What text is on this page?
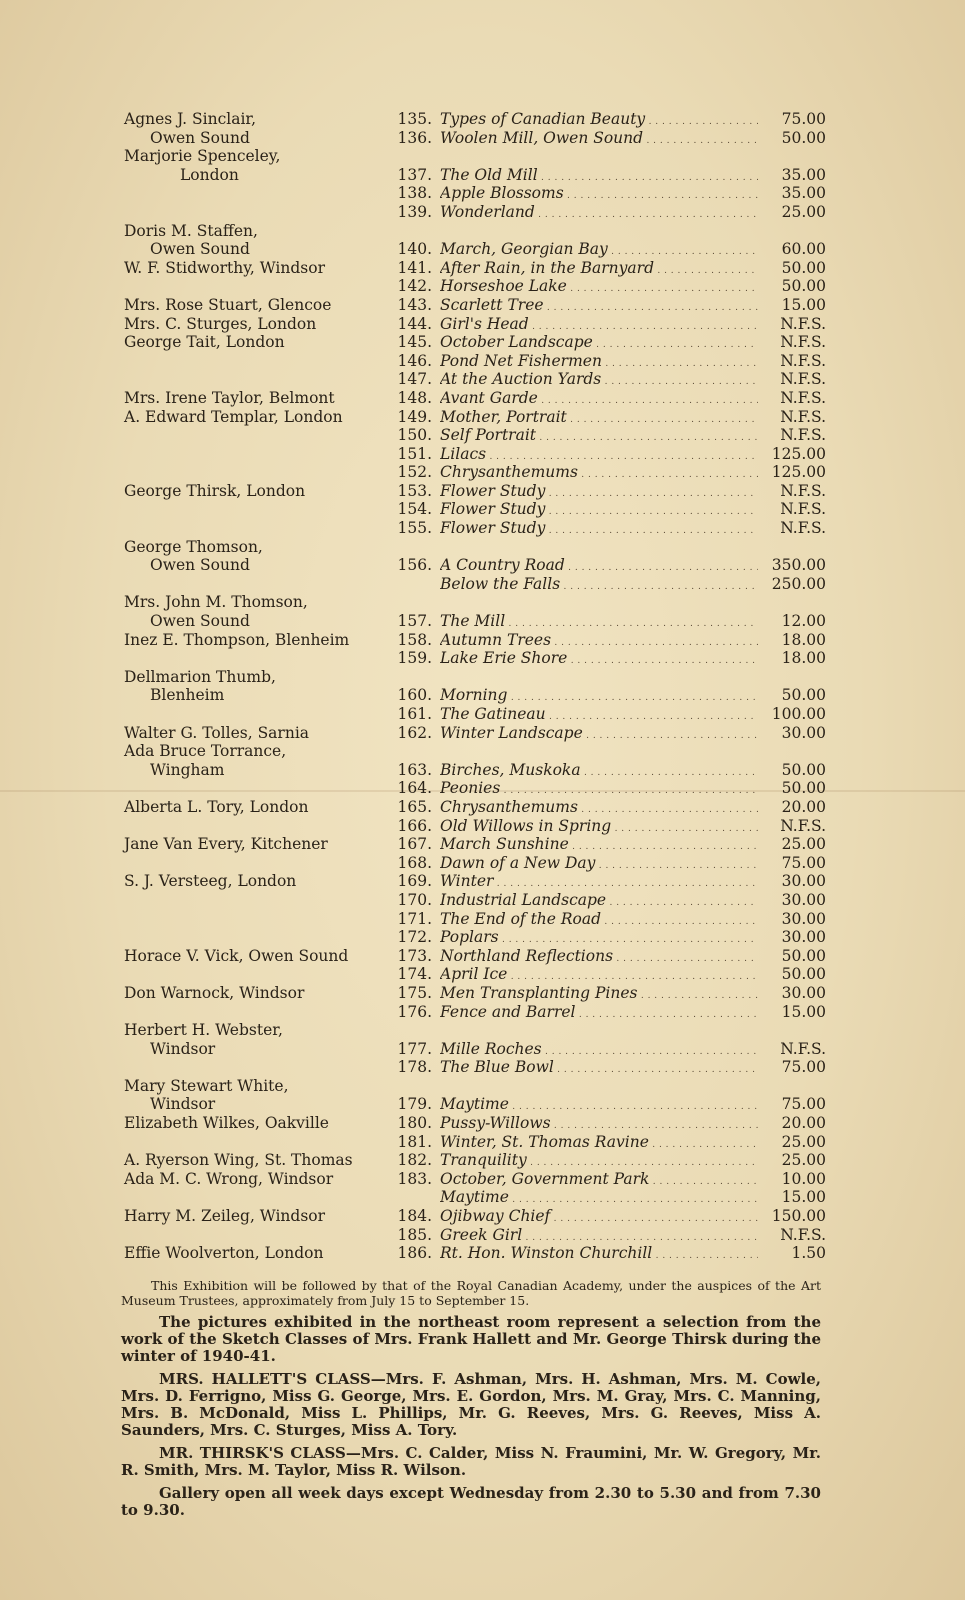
Agnes J. Sinclair,	135. Types of Canadian Beauty . . .	75.00
Owen Sound	136. Woolen Mill, Owen Sound . . .	50.00
Marjorie Spenceley,
London	137. The Old Mill . . .	35.00
138. Apple Blossoms . . .	35.00
139. Wonderland . . .	25.00
Doris M. Staffen,
Owen Sound	140. March, Georgian Bay . . .	60.00
W. F. Stidworthy, Windsor	141. After Rain, in the Barnyard . . .	50.00
142. Horseshoe Lake . . .	50.00
Mrs. Rose Stuart, Glencoe	143. Scarlett Tree . . .	15.00
Mrs. C. Sturges, London	144. Girl's Head . . .	N.F.S.
George Tait, London	145. October Landscape . . .	N.F.S.
146. Pond Net Fishermen . . .	N.F.S.
147. At the Auction Yards . . .	N.F.S.
Mrs. Irene Taylor, Belmont	148. Avant Garde . . .	N.F.S.
A. Edward Templar, London	149. Mother, Portrait . . .	N.F.S.
150. Self Portrait . . .	N.F.S.
151. Lilacs . . .	125.00
152. Chrysanthemums . . .	125.00
George Thirsk, London	153. Flower Study . . .	N.F.S.
154. Flower Study . . .	N.F.S.
155. Flower Study . . .	N.F.S.
George Thomson,
Owen Sound	156. A Country Road . . .	350.00
Below the Falls . . .	250.00
Mrs. John M. Thomson,
Owen Sound	157. The Mill . . .	12.00
Inez E. Thompson, Blenheim	158. Autumn Trees . . .	18.00
159. Lake Erie Shore . . .	18.00
Dellmarion Thumb,
Blenheim	160. Morning . . .	50.00
161. The Gatineau . . .	100.00
Walter G. Tolles, Sarnia	162. Winter Landscape . . .	30.00
Ada Bruce Torrance,
Wingham	163. Birches, Muskoka . . .	50.00
164. Peonies . . .	50.00
Alberta L. Tory, London	165. Chrysanthemums . . .	20.00
166. Old Willows in Spring . . .	N.F.S.
Jane Van Every, Kitchener	167. March Sunshine . . .	25.00
168. Dawn of a New Day . . .	75.00
S. J. Versteeg, London	169. Winter . . .	30.00
170. Industrial Landscape . . .	30.00
171. The End of the Road . . .	30.00
172. Poplars . . .	30.00
Horace V. Vick, Owen Sound	173. Northland Reflections . . .	50.00
174. April Ice . . .	50.00
Don Warnock, Windsor	175. Men Transplanting Pines . . .	30.00
176. Fence and Barrel . . .	15.00
Herbert H. Webster,
Windsor	177. Mille Roches . . .	N.F.S.
178. The Blue Bowl . . .	75.00
Mary Stewart White,
Windsor	179. Maytime . . .	75.00
Elizabeth Wilkes, Oakville	180. Pussy-Willows . . .	20.00
181. Winter, St. Thomas Ravine . . .	25.00
A. Ryerson Wing, St. Thomas	182. Tranquility . . .	25.00
Ada M. C. Wrong, Windsor	183. October, Government Park . . .	10.00
Maytime . . .	15.00
Harry M. Zeileg, Windsor	184. Ojibway Chief . . .	150.00
185. Greek Girl . . .	N.F.S.
Effie Woolverton, London	186. Rt. Hon. Winston Churchill . . .	1.50

This Exhibition will be followed by that of the Royal Canadian Academy, under the auspices of the Art Museum Trustees, approximately from July 15 to September 15.

The pictures exhibited in the northeast room represent a selection from the work of the Sketch Classes of Mrs. Frank Hallett and Mr. George Thirsk during the winter of 1940-41.

MRS. HALLETT'S CLASS—Mrs. F. Ashman, Mrs. H. Ashman, Mrs. M. Cowle, Mrs. D. Ferrigno, Miss G. George, Mrs. E. Gordon, Mrs. M. Gray, Mrs. C. Manning, Mrs. B. McDonald, Miss L. Phillips, Mr. G. Reeves, Mrs. G. Reeves, Miss A. Saunders, Mrs. C. Sturges, Miss A. Tory.

MR. THIRSK'S CLASS—Mrs. C. Calder, Miss N. Fraumini, Mr. W. Gregory, Mr. R. Smith, Mrs. M. Taylor, Miss R. Wilson.

Gallery open all week days except Wednesday from 2.30 to 5.30 and from 7.30 to 9.30.
